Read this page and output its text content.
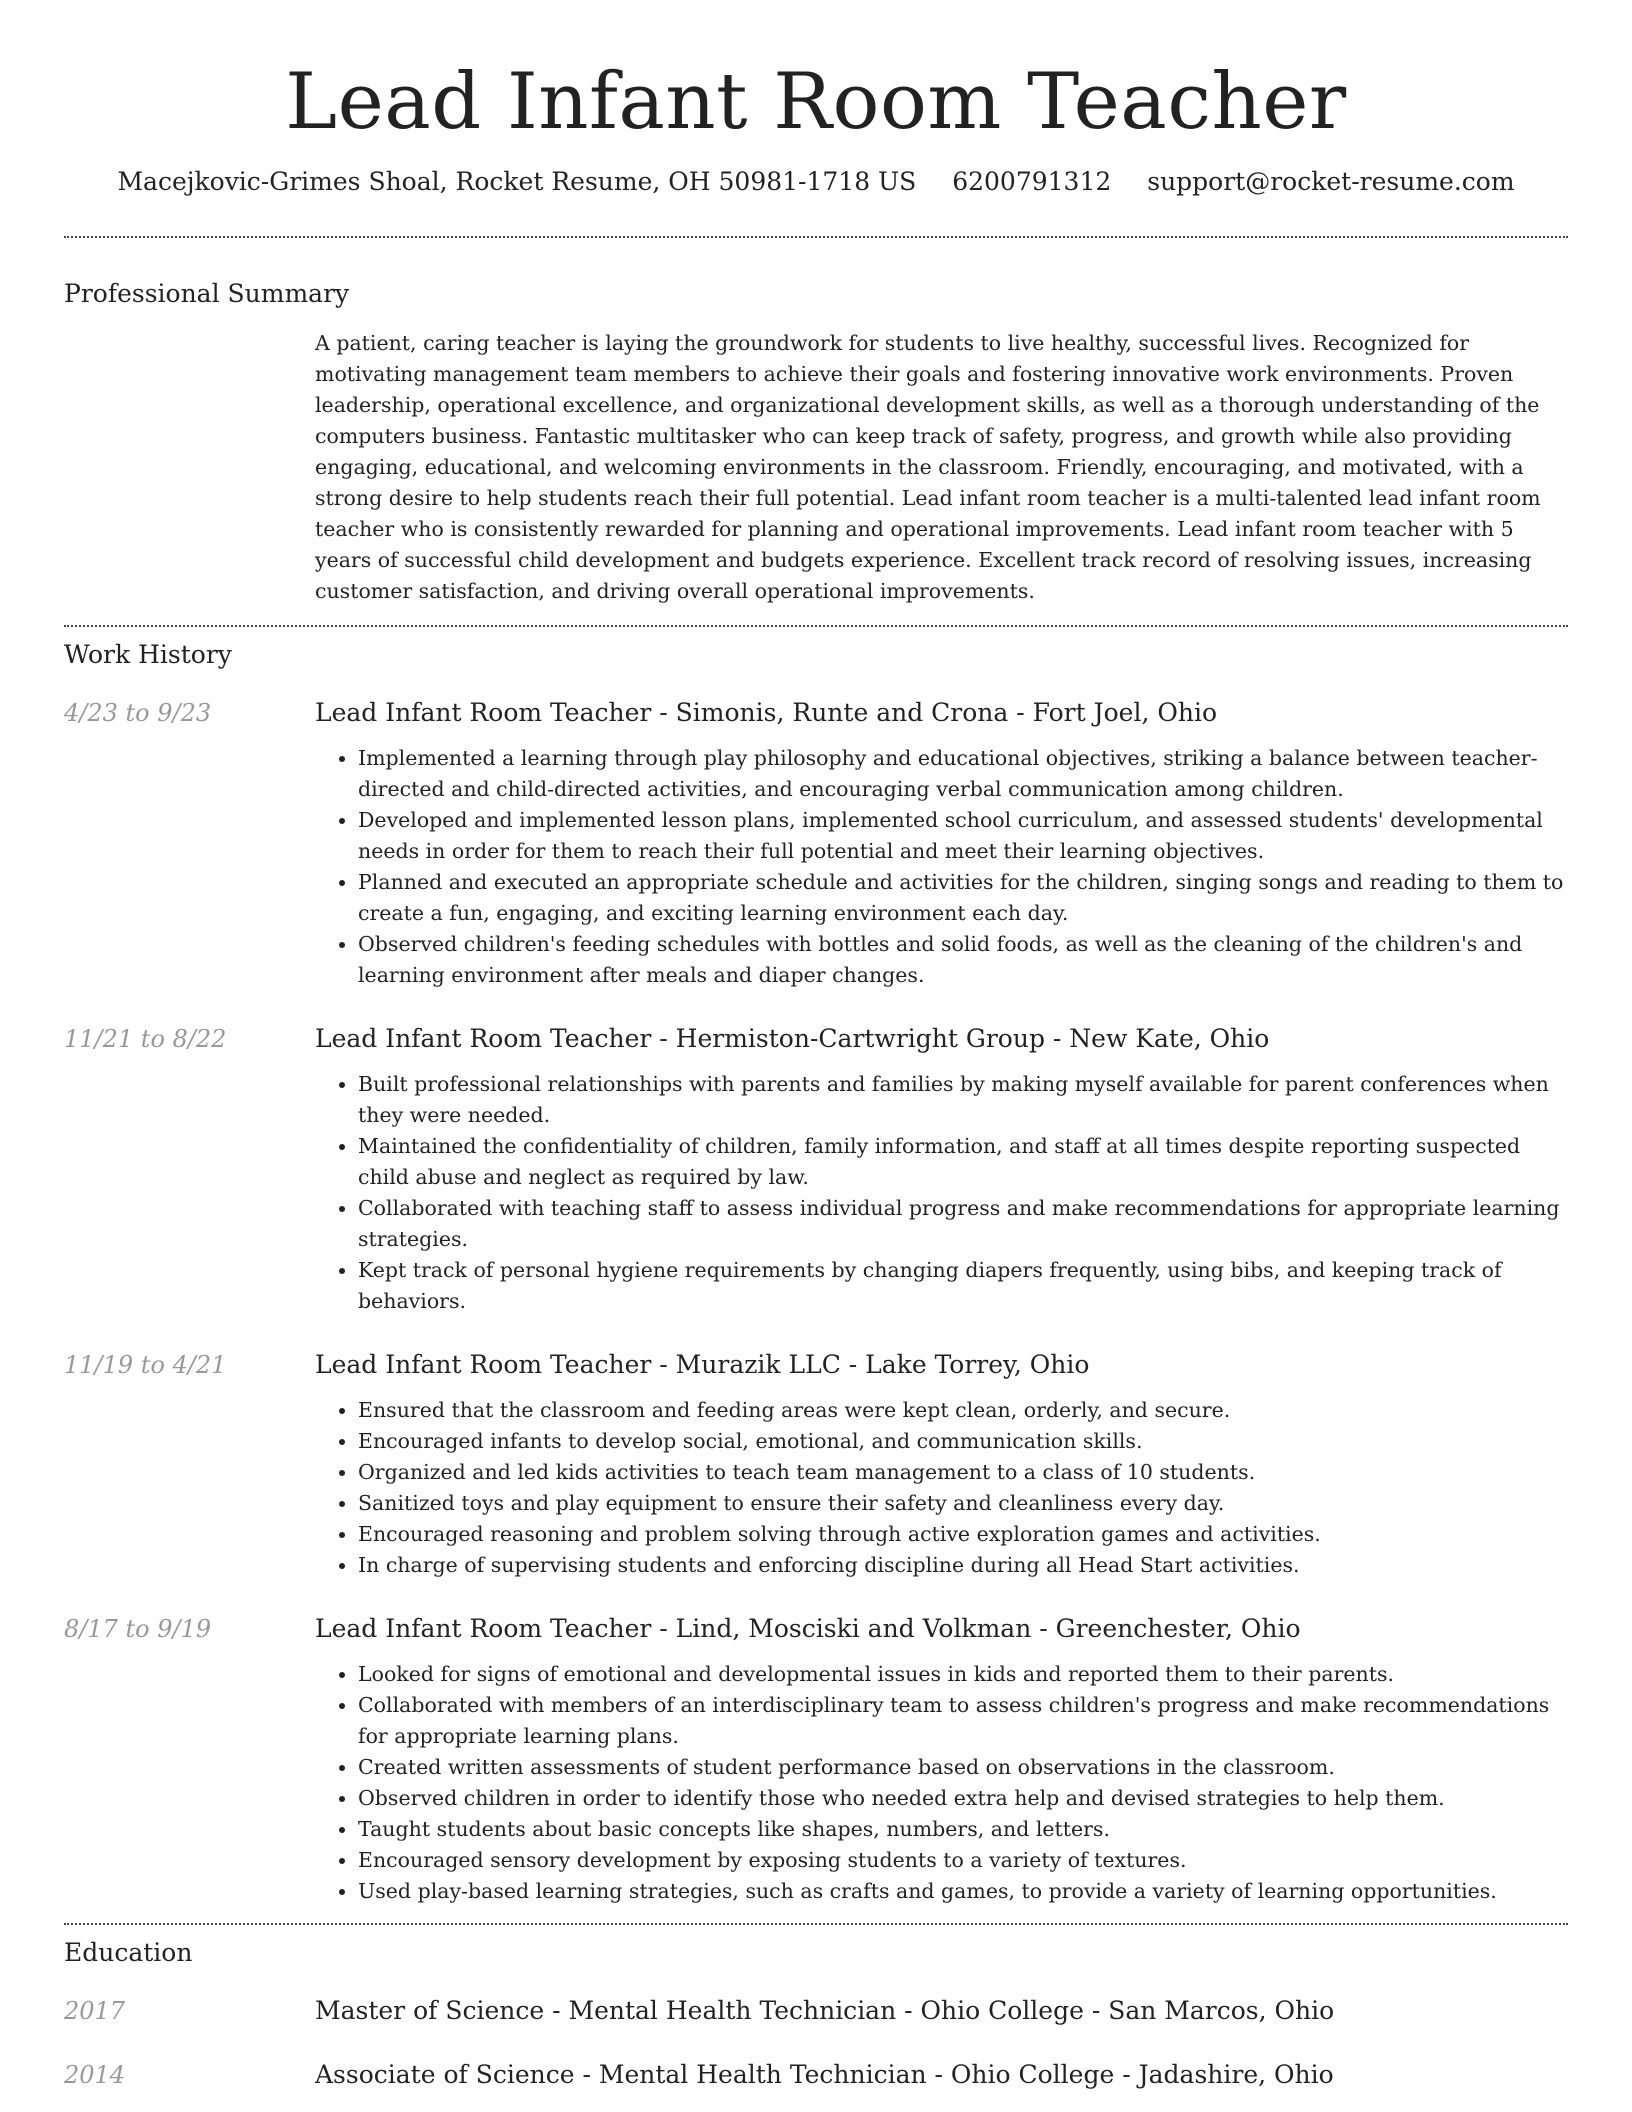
Lead Infant Room Teacher
Macejkovic-Grimes Shoal, Rocket Resume, OH 50981-1718 US 6200791312 support@rocket-resume.com
Professional Summary
A patient, caring teacher is laying the groundwork for students to live healthy, successful lives. Recognized for motivating management team members to achieve their goals and fostering innovative work environments. Proven leadership, operational excellence, and organizational development skills, as well as a thorough understanding of the computers business. Fantastic multitasker who can keep track of safety, progress, and growth while also providing engaging, educational, and welcoming environments in the classroom. Friendly, encouraging, and motivated, with a strong desire to help students reach their full potential. Lead infant room teacher is a multi-talented lead infant room teacher who is consistently rewarded for planning and operational improvements. Lead infant room teacher with 5 years of successful child development and budgets experience. Excellent track record of resolving issues, increasing customer satisfaction, and driving overall operational improvements.
Work History
4/23 to 9/23	Lead Infant Room Teacher - Simonis, Runte and Crona - Fort Joel, Ohio
• Implemented a learning through play philosophy and educational objectives, striking a balance between teacher-directed and child-directed activities, and encouraging verbal communication among children.
• Developed and implemented lesson plans, implemented school curriculum, and assessed students' developmental needs in order for them to reach their full potential and meet their learning objectives.
• Planned and executed an appropriate schedule and activities for the children, singing songs and reading to them to create a fun, engaging, and exciting learning environment each day.
• Observed children's feeding schedules with bottles and solid foods, as well as the cleaning of the children's and learning environment after meals and diaper changes.
11/21 to 8/22	Lead Infant Room Teacher - Hermiston-Cartwright Group - New Kate, Ohio
• Built professional relationships with parents and families by making myself available for parent conferences when they were needed.
• Maintained the confidentiality of children, family information, and staff at all times despite reporting suspected child abuse and neglect as required by law.
• Collaborated with teaching staff to assess individual progress and make recommendations for appropriate learning strategies.
• Kept track of personal hygiene requirements by changing diapers frequently, using bibs, and keeping track of behaviors.
11/19 to 4/21	Lead Infant Room Teacher - Murazik LLC - Lake Torrey, Ohio
• Ensured that the classroom and feeding areas were kept clean, orderly, and secure.
• Encouraged infants to develop social, emotional, and communication skills.
• Organized and led kids activities to teach team management to a class of 10 students.
• Sanitized toys and play equipment to ensure their safety and cleanliness every day.
• Encouraged reasoning and problem solving through active exploration games and activities.
• In charge of supervising students and enforcing discipline during all Head Start activities.
8/17 to 9/19	Lead Infant Room Teacher - Lind, Mosciski and Volkman - Greenchester, Ohio
• Looked for signs of emotional and developmental issues in kids and reported them to their parents.
• Collaborated with members of an interdisciplinary team to assess children's progress and make recommendations for appropriate learning plans.
• Created written assessments of student performance based on observations in the classroom.
• Observed children in order to identify those who needed extra help and devised strategies to help them.
• Taught students about basic concepts like shapes, numbers, and letters.
• Encouraged sensory development by exposing students to a variety of textures.
• Used play-based learning strategies, such as crafts and games, to provide a variety of learning opportunities.
Education
2017	Master of Science - Mental Health Technician - Ohio College - San Marcos, Ohio
2014	Associate of Science - Mental Health Technician - Ohio College - Jadashire, Ohio
